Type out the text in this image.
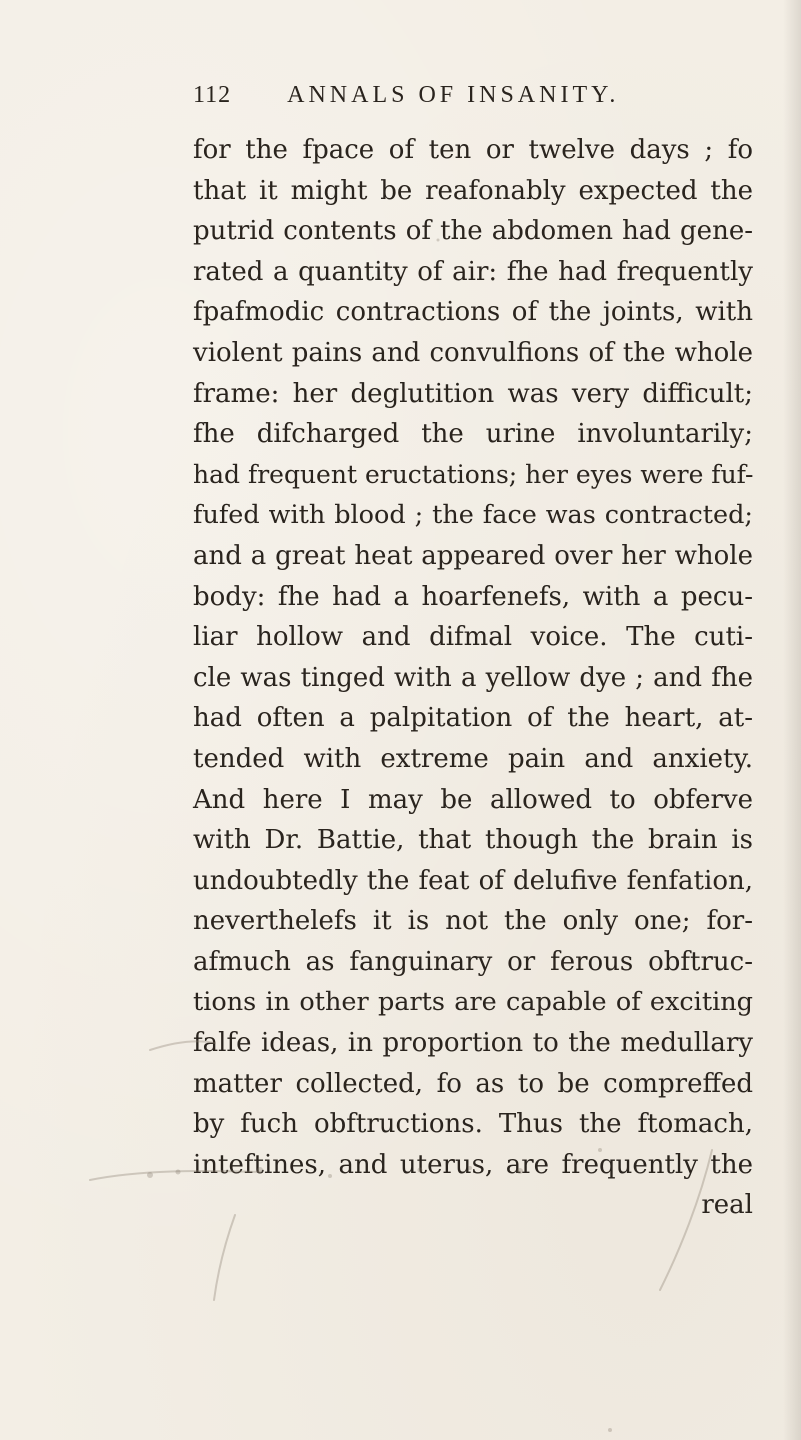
112 ANNALS OF INSANITY.
for the fpace of ten or twelve days ; fo
that it might be reafonably expected the
putrid contents of the abdomen had gene-
rated a quantity of air: fhe had frequently
fpafmodic contractions of the joints, with
violent pains and convulfions of the whole
frame: her deglutition was very difficult;
fhe difcharged the urine involuntarily;
had frequent eructations; her eyes were fuf-
fufed with blood ; the face was contracted;
and a great heat appeared over her whole
body: fhe had a hoarfenefs, with a pecu-
liar hollow and difmal voice. The cuti-
cle was tinged with a yellow dye ; and fhe
had often a palpitation of the heart, at-
tended with extreme pain and anxiety.
And here I may be allowed to obferve
with Dr. Battie, that though the brain is
undoubtedly the feat of delufive fenfation,
neverthelefs it is not the only one; for-
afmuch as fanguinary or ferous obftruc-
tions in other parts are capable of exciting
falfe ideas, in proportion to the medullary
matter collected, fo as to be compreffed
by fuch obftructions. Thus the ftomach,
inteftines, and uterus, are frequently the
real
